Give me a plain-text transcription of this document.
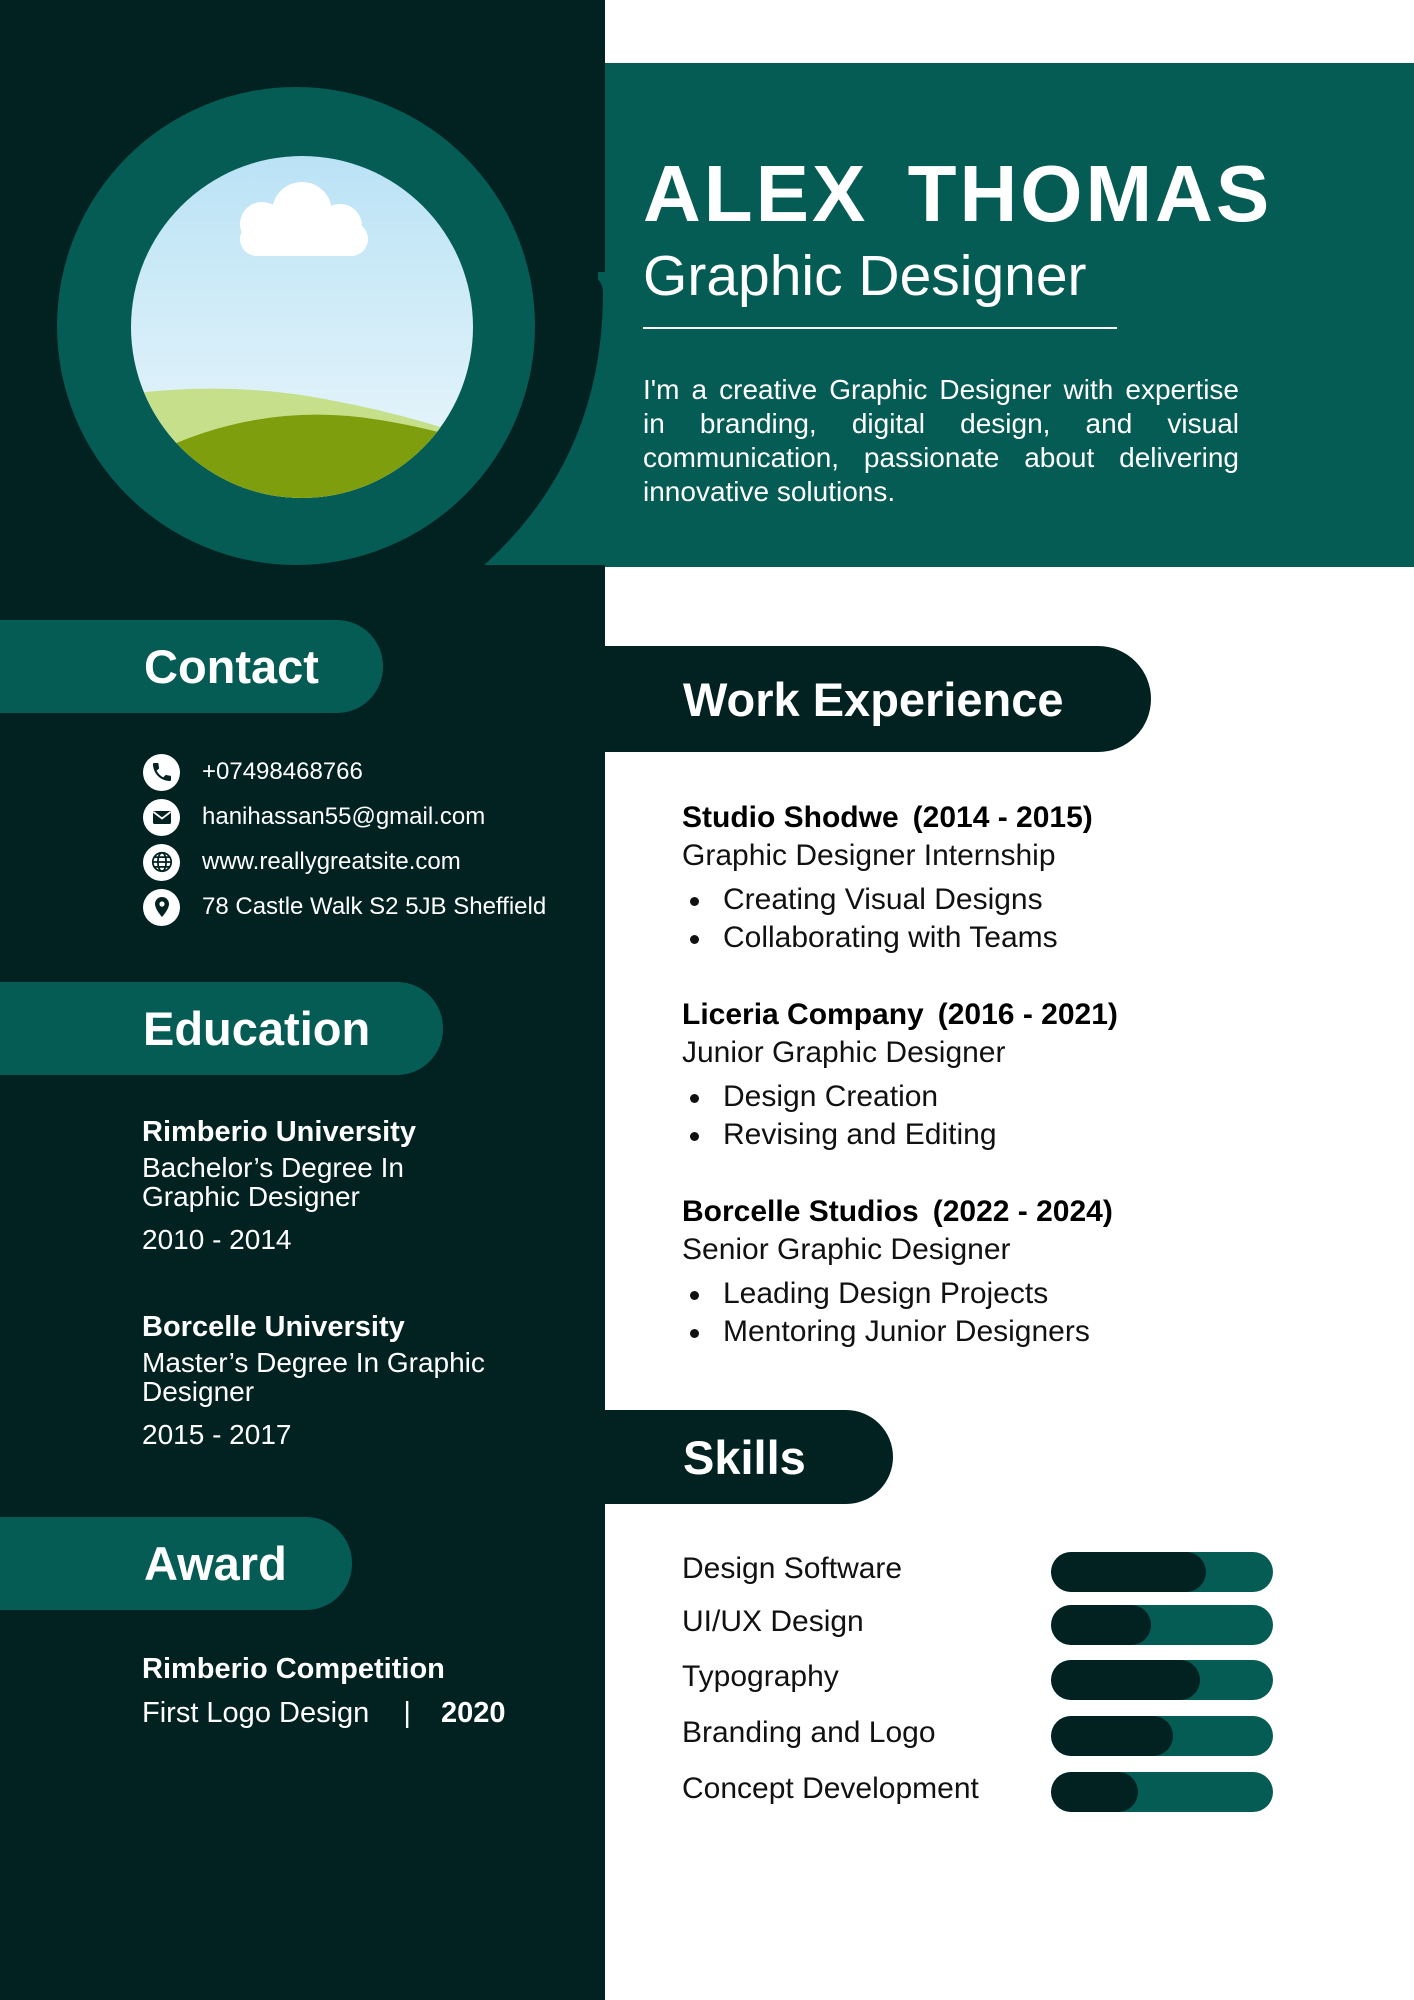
ALEX THOMAS
Graphic Designer
I'm a creative Graphic Designer with expertise in branding, digital design, and visual communication, passionate about delivering innovative solutions.
Contact
+07498468766
hanihassan55@gmail.com
www.reallygreatsite.com
78 Castle Walk S2 5JB Sheffield
Education
Rimberio University
Bachelor’s Degree In Graphic Designer
2010 - 2014
Borcelle University
Master’s Degree In Graphic Designer
2015 - 2017
Award
Rimberio Competition
First Logo Design | 2020
Work Experience
Studio Shodwe (2014 - 2015)
Graphic Designer Internship
Creating Visual Designs
Collaborating with Teams
Liceria Company (2016 - 2021)
Junior Graphic Designer
Design Creation
Revising and Editing
Borcelle Studios (2022 - 2024)
Senior Graphic Designer
Leading Design Projects
Mentoring Junior Designers
Skills
Design Software
UI/UX Design
Typography
Branding and Logo
Concept Development
